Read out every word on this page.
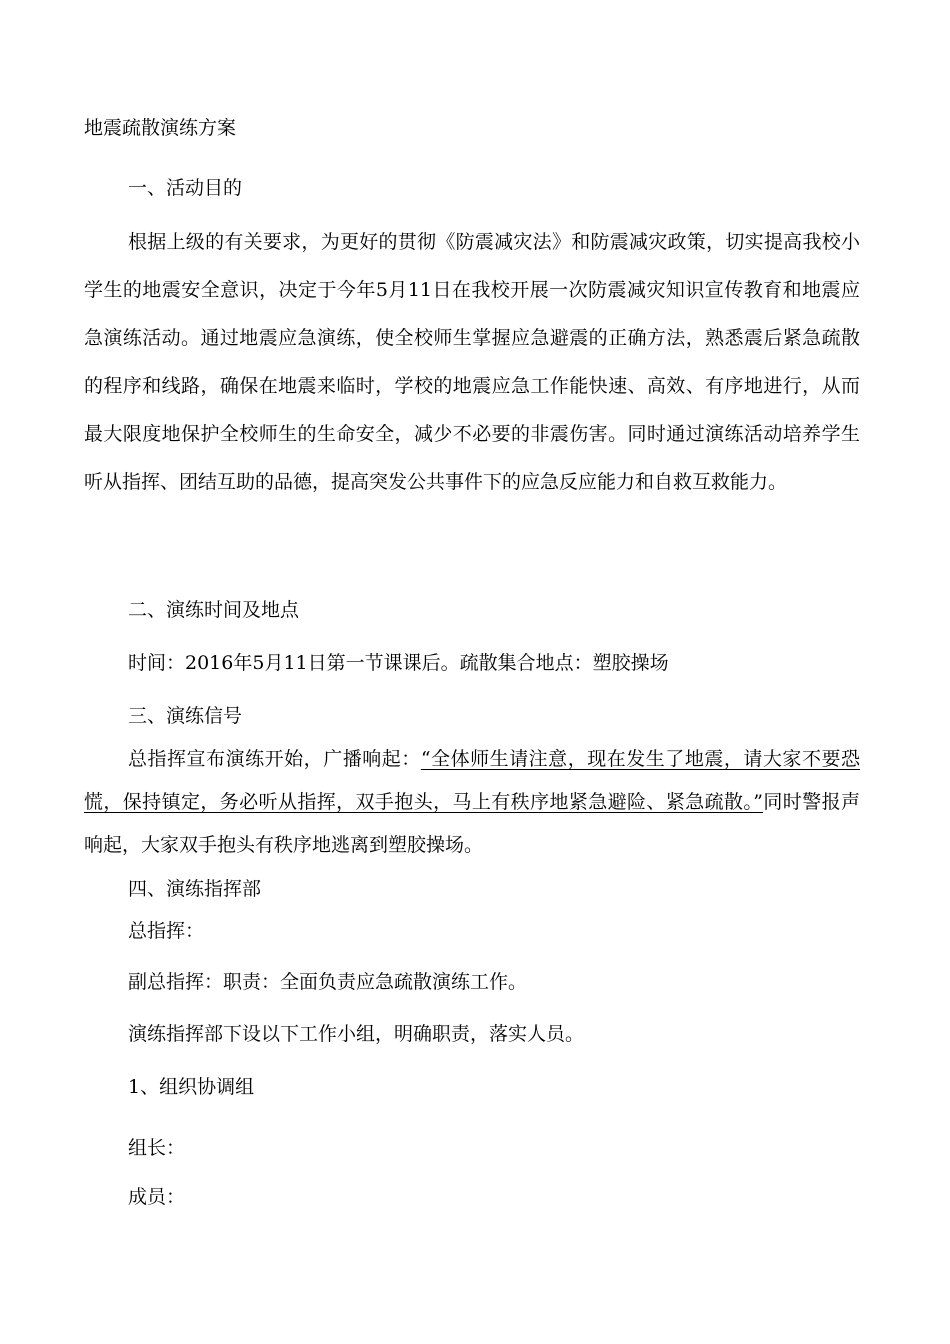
地震疏散演练方案
一、活动目的
根据上级的有关要求，为更好的贯彻《防震减灾法》和防震减灾政策，切实提高我校小学生的地震安全意识，决定于今年5月11日在我校开展一次防震减灾知识宣传教育和地震应急演练活动。通过地震应急演练，使全校师生掌握应急避震的正确方法，熟悉震后紧急疏散的程序和线路，确保在地震来临时，学校的地震应急工作能快速、高效、有序地进行，从而最大限度地保护全校师生的生命安全，减少不必要的非震伤害。同时通过演练活动培养学生听从指挥、团结互助的品德，提高突发公共事件下的应急反应能力和自救互救能力。
二、演练时间及地点
时间：2016年5月11日第一节课课后。疏散集合地点：塑胶操场
三、演练信号
总指挥宣布演练开始，广播响起：“全体师生请注意，现在发生了地震，请大家不要恐慌，保持镇定，务必听从指挥，双手抱头，马上有秩序地紧急避险、紧急疏散。”同时警报声响起，大家双手抱头有秩序地逃离到塑胶操场。
四、演练指挥部
总指挥：
副总指挥：职责：全面负责应急疏散演练工作。
演练指挥部下设以下工作小组，明确职责，落实人员。
1、组织协调组
组长：
成员：
